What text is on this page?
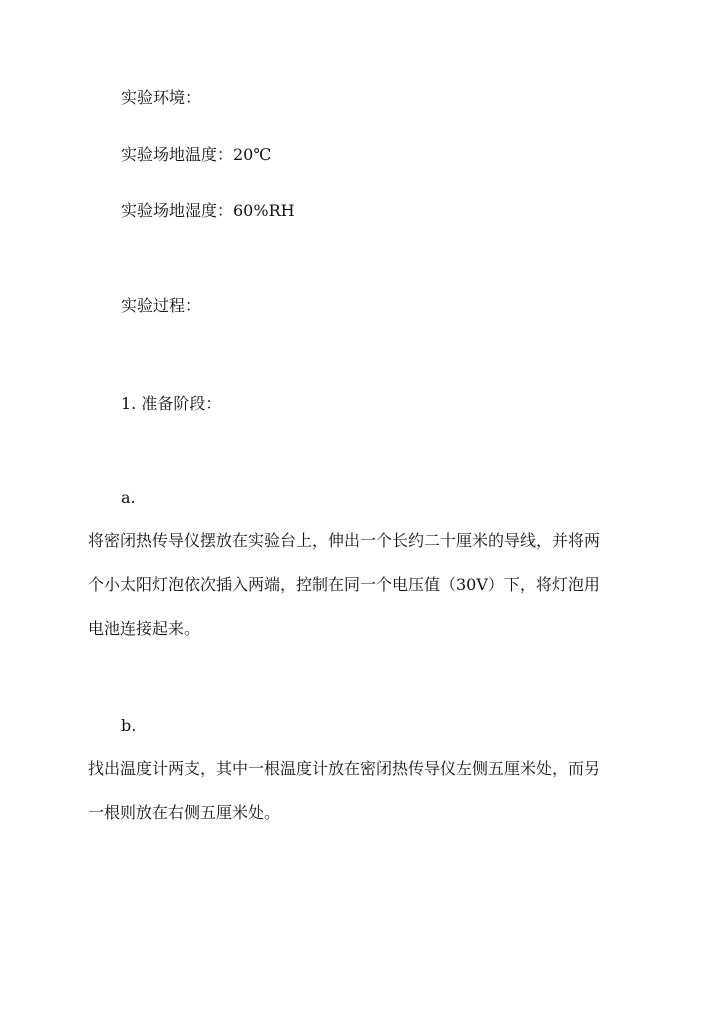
实验环境：
实验场地温度：20℃
实验场地湿度：60%RH
实验过程：
1. 准备阶段：
a.
将密闭热传导仪摆放在实验台上，伸出一个长约二十厘米的导线，并将两
个小太阳灯泡依次插入两端，控制在同一个电压值（30V）下，将灯泡用
电池连接起来。
b.
找出温度计两支，其中一根温度计放在密闭热传导仪左侧五厘米处，而另
一根则放在右侧五厘米处。
